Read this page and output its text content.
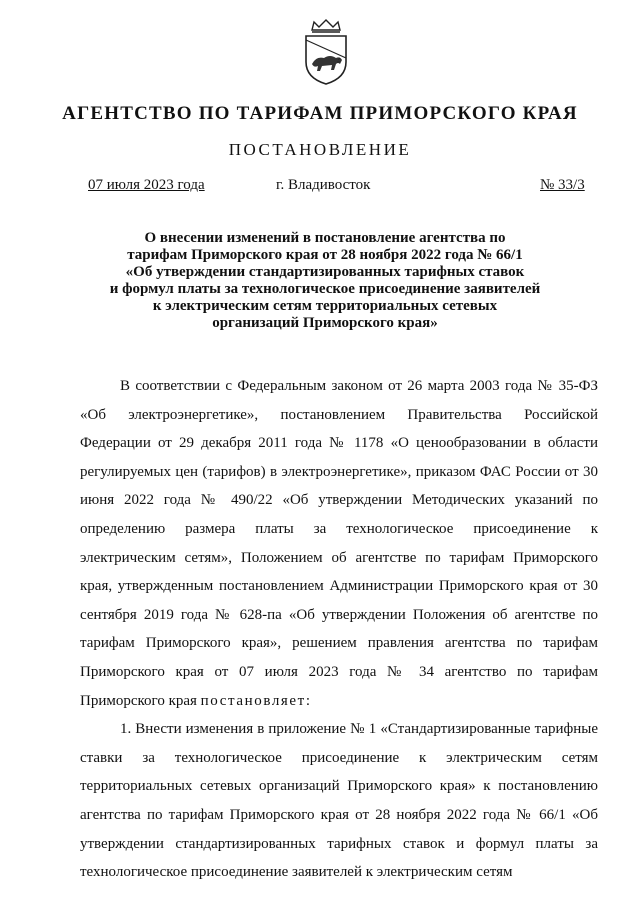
АГЕНТСТВО ПО ТАРИФАМ ПРИМОРСКОГО КРАЯ
ПОСТАНОВЛЕНИЕ
07 июля 2023 года	г. Владивосток	№ 33/3
О внесении изменений в постановление агентства по
тарифам Приморского края от 28 ноября 2022 года № 66/1
«Об утверждении стандартизированных тарифных ставок
и формул платы за технологическое присоединение заявителей
к электрическим сетям территориальных сетевых
организаций Приморского края»

В соответствии с Федеральным законом от 26 марта 2003 года № 35-ФЗ «Об электроэнергетике», постановлением Правительства Российской Федерации от 29 декабря 2011 года № 1178 «О ценообразовании в области регулируемых цен (тарифов) в электроэнергетике», приказом ФАС России от 30 июня 2022 года № 490/22 «Об утверждении Методических указаний по определению размера платы за технологическое присоединение к электрическим сетям», Положением об агентстве по тарифам Приморского края, утвержденным постановлением Администрации Приморского края от 30 сентября 2019 года № 628-па «Об утверждении Положения об агентстве по тарифам Приморского края», решением правления агентства по тарифам Приморского края от 07 июля 2023 года № 34 агентство по тарифам Приморского края постановляет:

1. Внести изменения в приложение № 1 «Стандартизированные тарифные ставки за технологическое присоединение к электрическим сетям территориальных сетевых организаций Приморского края» к постановлению агентства по тарифам Приморского края от 28 ноября 2022 года № 66/1 «Об утверждении стандартизированных тарифных ставок и формул платы за технологическое присоединение заявителей к электрическим сетям
